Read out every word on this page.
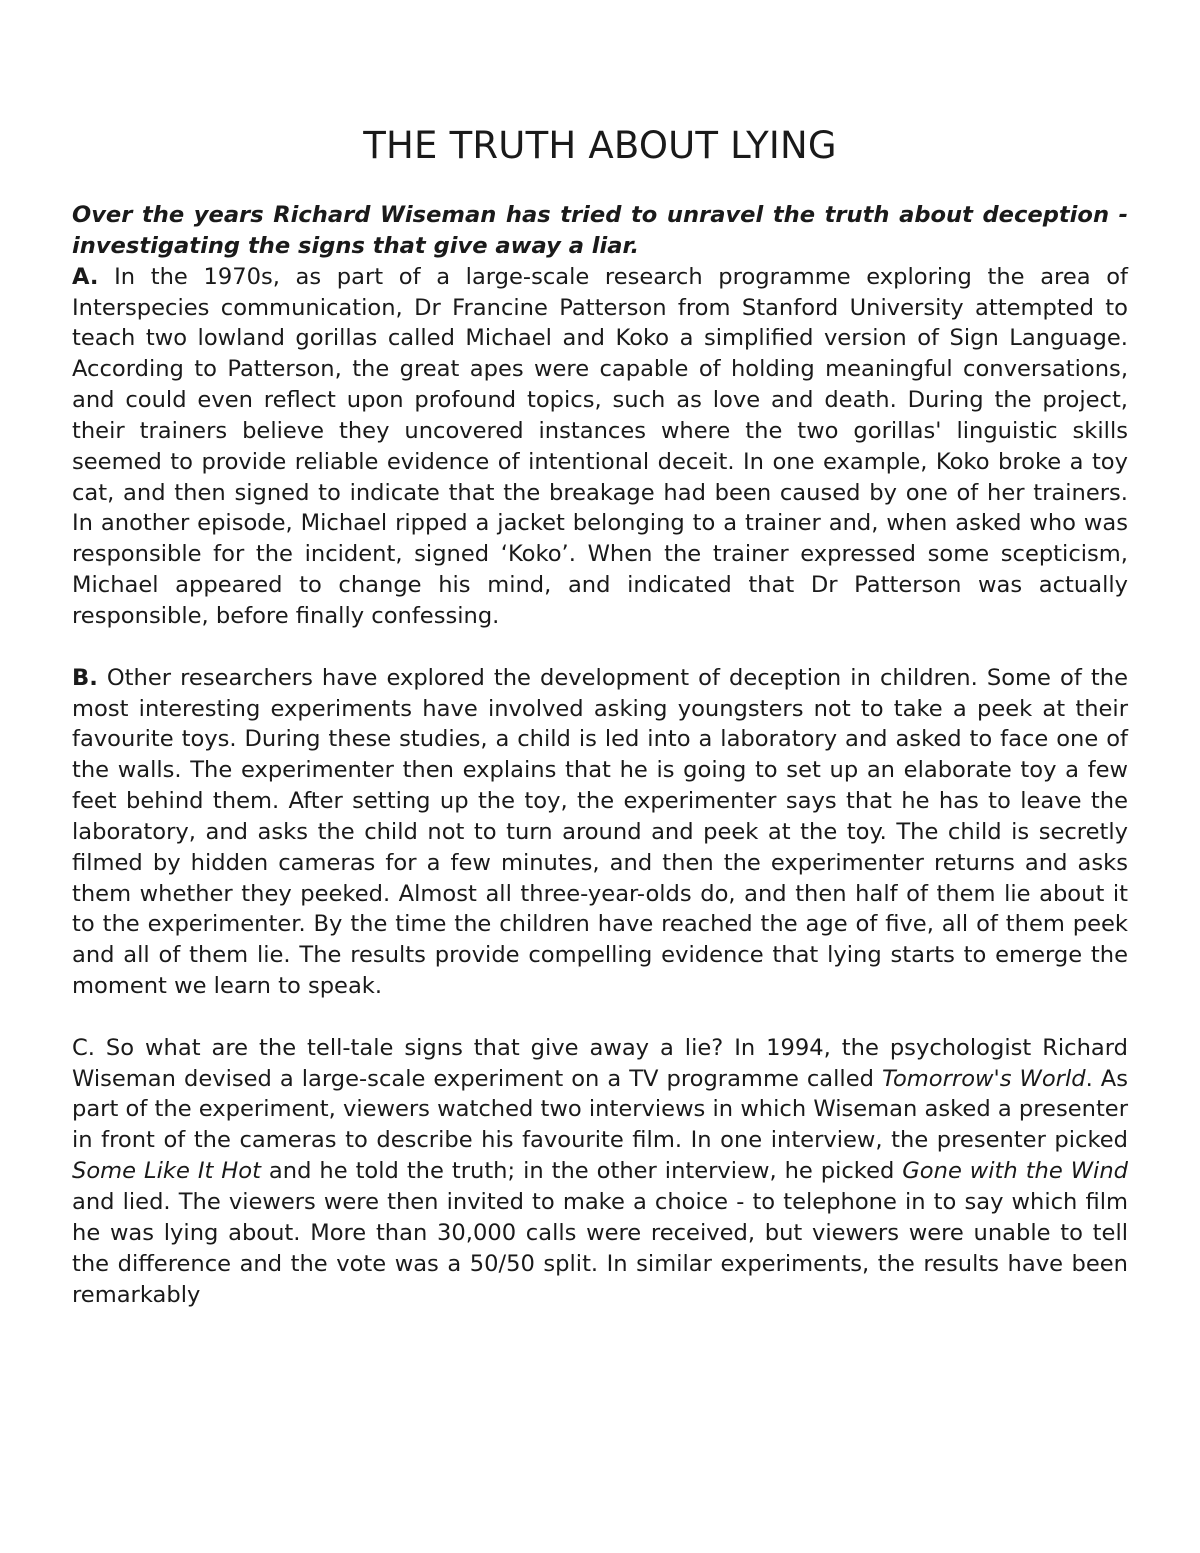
THE TRUTH ABOUT LYING

Over the years Richard Wiseman has tried to unravel the truth about deception - investigating the signs that give away a liar.

A. In the 1970s, as part of a large-scale research programme exploring the area of Interspecies communication, Dr Francine Patterson from Stanford University attempted to teach two lowland gorillas called Michael and Koko a simplified version of Sign Language. According to Patterson, the great apes were capable of holding meaningful conversations, and could even reflect upon profound topics, such as love and death. During the project, their trainers believe they uncovered instances where the two gorillas' linguistic skills seemed to provide reliable evidence of intentional deceit. In one example, Koko broke a toy cat, and then signed to indicate that the breakage had been caused by one of her trainers. In another episode, Michael ripped a jacket belonging to a trainer and, when asked who was responsible for the incident, signed ‘Koko’. When the trainer expressed some scepticism, Michael appeared to change his mind, and indicated that Dr Patterson was actually responsible, before finally confessing.

B. Other researchers have explored the development of deception in children. Some of the most interesting experiments have involved asking youngsters not to take a peek at their favourite toys. During these studies, a child is led into a laboratory and asked to face one of the walls. The experimenter then explains that he is going to set up an elaborate toy a few feet behind them. After setting up the toy, the experimenter says that he has to leave the laboratory, and asks the child not to turn around and peek at the toy. The child is secretly filmed by hidden cameras for a few minutes, and then the experimenter returns and asks them whether they peeked. Almost all three-year-olds do, and then half of them lie about it to the experimenter. By the time the children have reached the age of five, all of them peek and all of them lie. The results provide compelling evidence that lying starts to emerge the moment we learn to speak.

C. So what are the tell-tale signs that give away a lie? In 1994, the psychologist Richard Wiseman devised a large-scale experiment on a TV programme called Tomorrow's World. As part of the experiment, viewers watched two interviews in which Wiseman asked a presenter in front of the cameras to describe his favourite film. In one interview, the presenter picked Some Like It Hot and he told the truth; in the other interview, he picked Gone with the Wind and lied. The viewers were then invited to make a choice - to telephone in to say which film he was lying about. More than 30,000 calls were received, but viewers were unable to tell the difference and the vote was a 50/50 split. In similar experiments, the results have been remarkably
